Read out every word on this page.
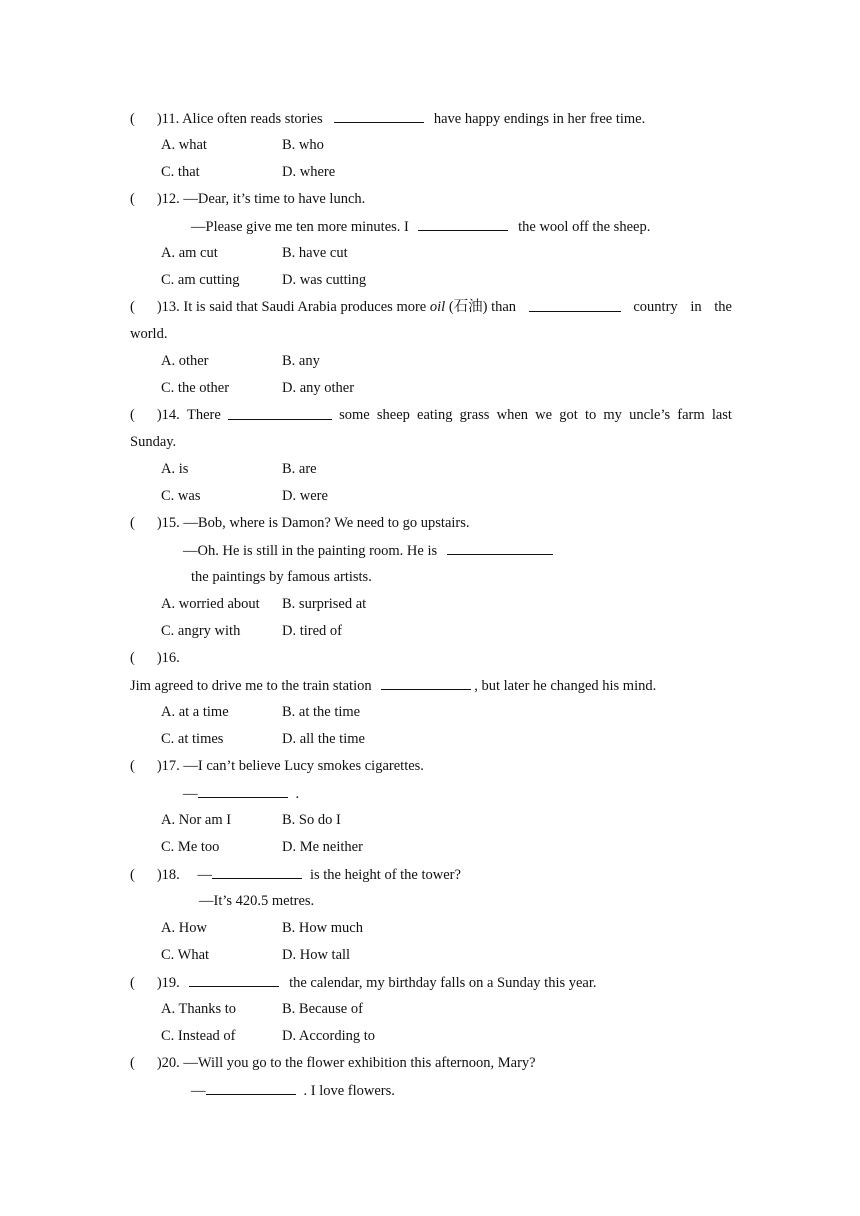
( )11. Alice often reads stories	have happy endings in her free time.
A. what	B. who
C. that	D. where
( )12. —Dear, it’s time to have lunch.
—Please give me ten more minutes. I	the wool off the sheep.
A. am cut	B. have cut
C. am cutting	D. was cutting
( )13. It is said that Saudi Arabia produces more oil (石油) than	country in the
world.
A. other	B. any
C. the other	D. any other
( )14. There	some sheep eating grass when we got to my uncle’s farm last
Sunday.
A. is	B. are
C. was	D. were
( )15. —Bob, where is Damon? We need to go upstairs.
—Oh. He is still in the painting room. He is
the paintings by famous artists.
A. worried about B. surprised at
C. angry with	D. tired of
( )16.
Jim agreed to drive me to the train station	, but later he changed his mind.
A. at a time	B. at the time
C. at times	D. all the time
( )17. —I can’t believe Lucy smokes cigarettes.
—	.
A. Nor am I	B. So do I
C. Me too	D. Me neither
( )18. —	is the height of the tower?
—It’s 420.5 metres.
A. How	B. How much
C. What	D. How tall
( )19.	the calendar, my birthday falls on a Sunday this year.
A. Thanks to	B. Because of
C. Instead of	D. According to
( )20. —Will you go to the flower exhibition this afternoon, Mary?
—	. I love flowers.
